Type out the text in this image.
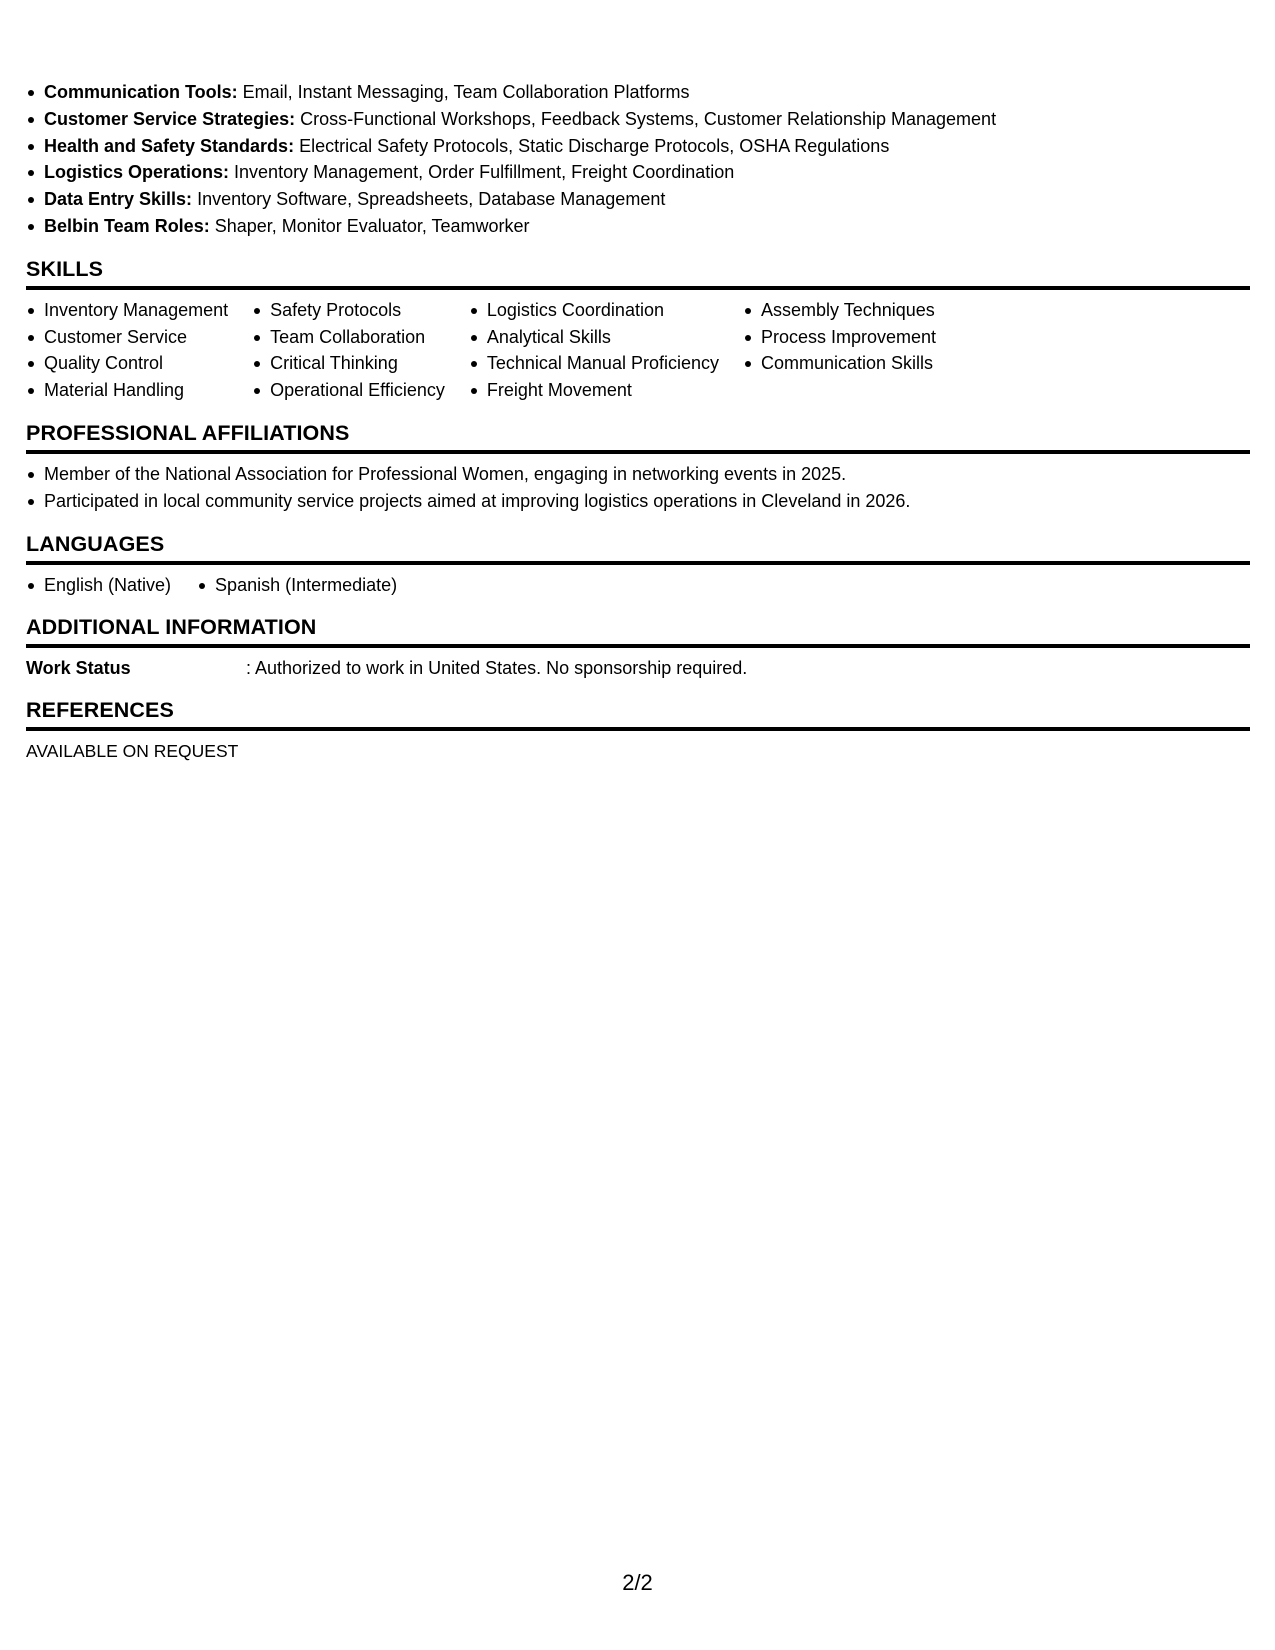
Communication Tools: Email, Instant Messaging, Team Collaboration Platforms
Customer Service Strategies: Cross-Functional Workshops, Feedback Systems, Customer Relationship Management
Health and Safety Standards: Electrical Safety Protocols, Static Discharge Protocols, OSHA Regulations
Logistics Operations: Inventory Management, Order Fulfillment, Freight Coordination
Data Entry Skills: Inventory Software, Spreadsheets, Database Management
Belbin Team Roles: Shaper, Monitor Evaluator, Teamworker
SKILLS
Inventory Management
Customer Service
Quality Control
Material Handling
Safety Protocols
Team Collaboration
Critical Thinking
Operational Efficiency
Logistics Coordination
Analytical Skills
Technical Manual Proficiency
Freight Movement
Assembly Techniques
Process Improvement
Communication Skills
PROFESSIONAL AFFILIATIONS
Member of the National Association for Professional Women, engaging in networking events in 2025.
Participated in local community service projects aimed at improving logistics operations in Cleveland in 2026.
LANGUAGES
English (Native)	Spanish (Intermediate)
ADDITIONAL INFORMATION
Work Status	: Authorized to work in United States. No sponsorship required.
REFERENCES
AVAILABLE ON REQUEST
2/2
